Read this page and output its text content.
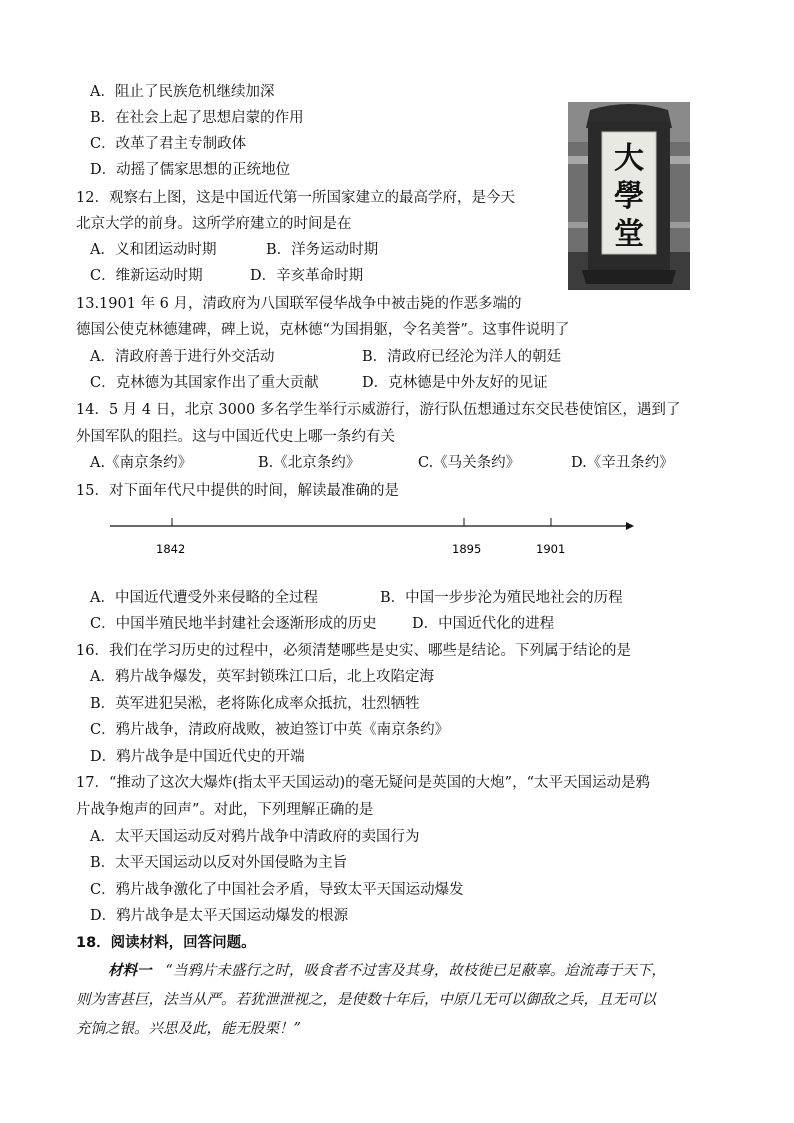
A．阻止了民族危机继续加深
B．在社会上起了思想启蒙的作用
C．改革了君主专制政体
D．动摇了儒家思想的正统地位	大
學
堂
12．观察右上图，这是中国近代第一所国家建立的最高学府，是今天
北京大学的前身。这所学府建立的时间是在
A．义和团运动时期	B．洋务运动时期
C．维新运动时期	D．辛亥革命时期
13.1901 年 6 月，清政府为八国联军侵华战争中被击毙的作恶多端的
德国公使克林德建碑，碑上说，克林德“为国捐躯，令名美誉”。这事件说明了
A．清政府善于进行外交活动	B．清政府已经沦为洋人的朝廷
C．克林德为其国家作出了重大贡献	D．克林德是中外友好的见证
14．5 月 4 日，北京 3000 多名学生举行示威游行，游行队伍想通过东交民巷使馆区，遇到了
外国军队的阻拦。这与中国近代史上哪一条约有关
A.《南京条约》	B.《北京条约》	C.《马关条约》	D.《辛丑条约》
15．对下面年代尺中提供的时间，解读最准确的是
1842	1895	1901
A．中国近代遭受外来侵略的全过程	B．中国一步步沦为殖民地社会的历程
C．中国半殖民地半封建社会逐渐形成的历史 D．中国近代化的进程
16．我们在学习历史的过程中，必须清楚哪些是史实、哪些是结论。下列属于结论的是
A．鸦片战争爆发，英军封锁珠江口后，北上攻陷定海
B．英军进犯吴淞，老将陈化成率众抵抗，壮烈牺牲
C．鸦片战争，清政府战败，被迫签订中英《南京条约》
D．鸦片战争是中国近代史的开端
17．“推动了这次大爆炸(指太平天国运动)的毫无疑问是英国的大炮”，“太平天国运动是鸦
片战争炮声的回声”。对此，下列理解正确的是
A．太平天国运动反对鸦片战争中清政府的卖国行为
B．太平天国运动以反对外国侵略为主旨
C．鸦片战争激化了中国社会矛盾，导致太平天国运动爆发
D．鸦片战争是太平天国运动爆发的根源
18．阅读材料，回答问题。
材料一 “当鸦片未盛行之时，吸食者不过害及其身，故枝徙已足蔽辜。迨流毒于天下，
则为害甚巨，法当从严。若犹泄泄视之，是使数十年后，中原几无可以御敌之兵，且无可以
充饷之银。兴思及此，能无股栗！”
